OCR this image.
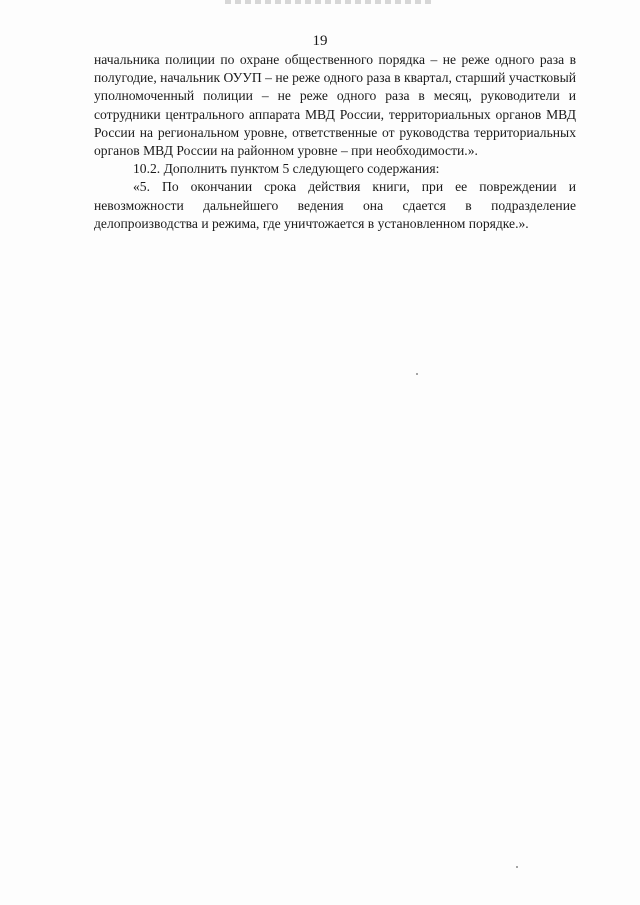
19

начальника полиции по охране общественного порядка – не реже одного раза в полугодие, начальник ОУУП – не реже одного раза в квартал, старший участковый уполномоченный полиции – не реже одного раза в месяц, руководители и сотрудники центрального аппарата МВД России, территориальных органов МВД России на региональном уровне, ответственные от руководства территориальных органов МВД России на районном уровне – при необходимости.».

10.2. Дополнить пунктом 5 следующего содержания:

«5. По окончании срока действия книги, при ее повреждении и невозможности дальнейшего ведения она сдается в подразделение делопроизводства и режима, где уничтожается в установленном порядке.».
